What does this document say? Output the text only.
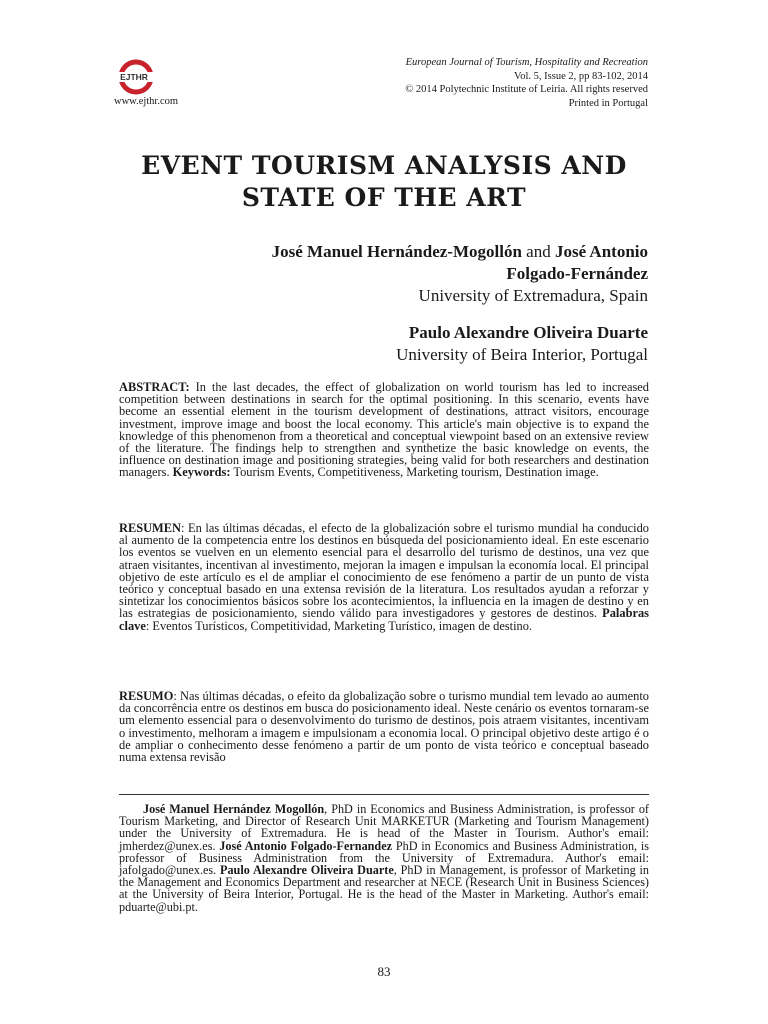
EJTHR
www.ejthr.com
European Journal of Tourism, Hospitality and Recreation
Vol. 5, Issue 2, pp 83-102, 2014
© 2014 Polytechnic Institute of Leiria. All rights reserved
Printed in Portugal
EVENT TOURISM ANALYSIS AND
STATE OF THE ART
José Manuel Hernández-Mogollón and José Antonio
Folgado-Fernández
University of Extremadura, Spain
Paulo Alexandre Oliveira Duarte
University of Beira Interior, Portugal
ABSTRACT: In the last decades, the effect of globalization on world tourism has led to increased competition between destinations in search for the optimal positioning. In this scenario, events have become an essential element in the tourism development of destinations, attract visitors, encourage investment, improve image and boost the local economy. This article's main objective is to expand the knowledge of this phenomenon from a theoretical and conceptual viewpoint based on an extensive review of the literature. The findings help to strengthen and synthetize the basic knowledge on events, the influence on destination image and positioning strategies, being valid for both researchers and destination managers. Keywords: Tourism Events, Competitiveness, Marketing tourism, Destination image.
RESUMEN: En las últimas décadas, el efecto de la globalización sobre el turismo mundial ha conducido al aumento de la competencia entre los destinos en búsqueda del posicionamiento ideal. En este escenario los eventos se vuelven en un elemento esencial para el desarrollo del turismo de destinos, una vez que atraen visitantes, incentivan al investimento, mejoran la imagen e impulsan la economía local. El principal objetivo de este artículo es el de ampliar el conocimiento de ese fenómeno a partir de un punto de vista teórico y conceptual basado en una extensa revisión de la literatura. Los resultados ayudan a reforzar y sintetizar los conocimientos básicos sobre los acontecimientos, la influencia en la imagen de destino y en las estrategias de posicionamiento, siendo válido para investigadores y gestores de destinos. Palabras clave: Eventos Turísticos, Competitividad, Marketing Turístico, imagen de destino.
RESUMO: Nas últimas décadas, o efeito da globalização sobre o turismo mundial tem levado ao aumento da concorrência entre os destinos em busca do posicionamento ideal. Neste cenário os eventos tornaram-se um elemento essencial para o desenvolvimento do turismo de destinos, pois atraem visitantes, incentivam o investimento, melhoram a imagem e impulsionam a economia local. O principal objetivo deste artigo é o de ampliar o conhecimento desse fenómeno a partir de um ponto de vista teórico e conceptual baseado numa extensa revisão
José Manuel Hernández Mogollón, PhD in Economics and Business Administration, is professor of Tourism Marketing, and Director of Research Unit MARKETUR (Marketing and Tourism Management) under the University of Extremadura. He is head of the Master in Tourism. Author's email: jmherdez@unex.es. José Antonio Folgado-Fernandez PhD in Economics and Business Administration, is professor of Business Administration from the University of Extremadura. Author's email: jafolgado@unex.es. Paulo Alexandre Oliveira Duarte, PhD in Management, is professor of Marketing in the Management and Economics Department and researcher at NECE (Research Unit in Business Sciences) at the University of Beira Interior, Portugal. He is the head of the Master in Marketing. Author's email: pduarte@ubi.pt.
83
